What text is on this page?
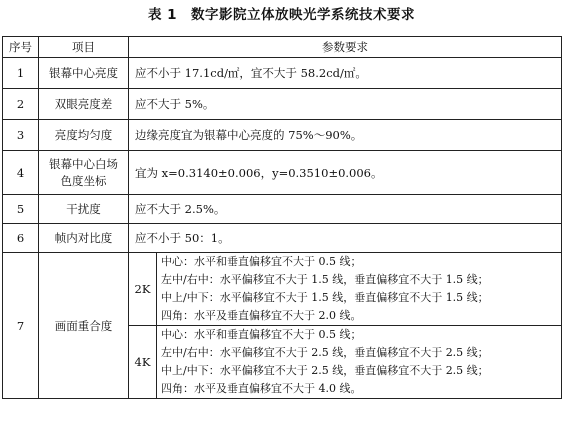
表 1　数字影院立体放映光学系统技术要求
序号	项目	参数要求	
1	银幕中心亮度	应不小于 17.1cd/㎡，宜不大于 58.2cd/㎡。	
2	双眼亮度差	应不大于 5%。	
3	亮度均匀度	边缘亮度宜为银幕中心亮度的 75%～90%。	
4	银幕中心白场色度坐标	宜为 x=0.3140±0.006，y=0.3510±0.006。	
5	干扰度	应不大于 2.5%。	
6	帧内对比度	应不小于 50：1。	
7	画面重合度	2K	中心：水平和垂直偏移宜不大于 0.5 线；
			左中/右中：水平偏移宜不大于 1.5 线，垂直偏移宜不大于 1.5 线；
			中上/中下：水平偏移宜不大于 1.5 线，垂直偏移宜不大于 1.5 线；
			四角：水平及垂直偏移宜不大于 2.0 线。
		4K	中心：水平和垂直偏移宜不大于 0.5 线；
			左中/右中：水平偏移宜不大于 2.5 线，垂直偏移宜不大于 2.5 线；
			中上/中下：水平偏移宜不大于 2.5 线，垂直偏移宜不大于 2.5 线；
			四角：水平及垂直偏移宜不大于 4.0 线。
